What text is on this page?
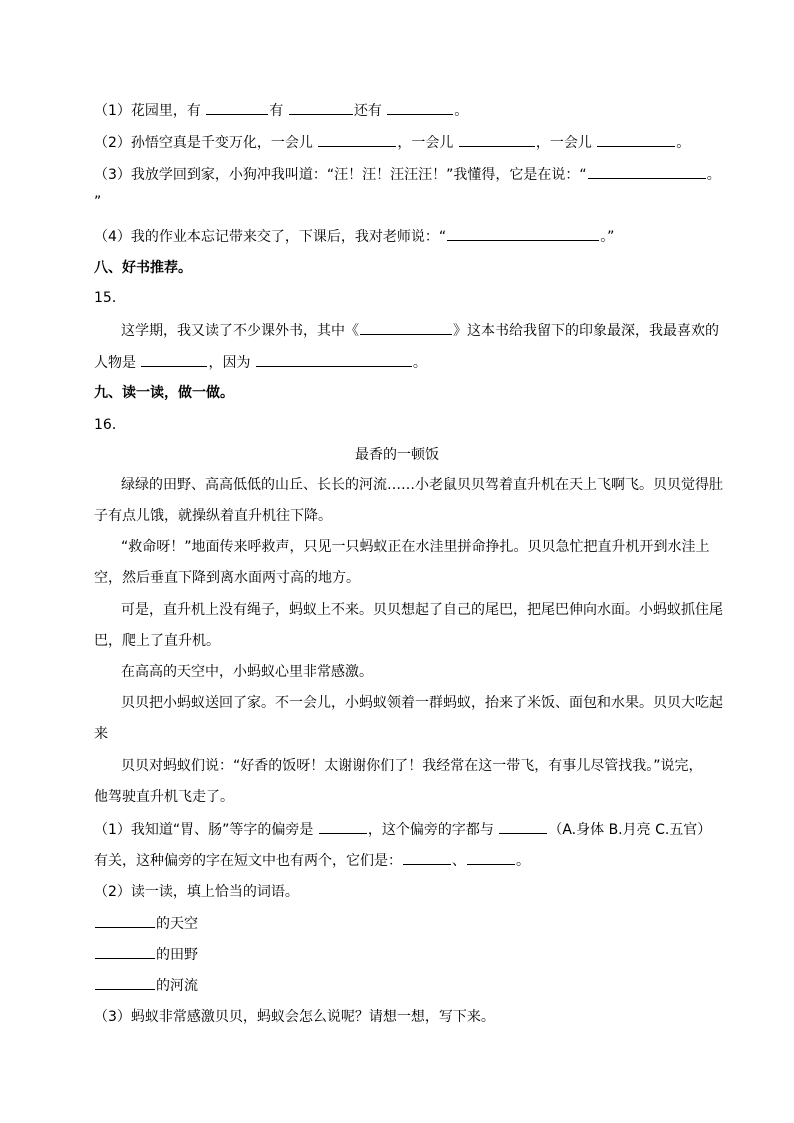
（1）花园里，有	有	还有	。
（2）孙悟空真是千变万化，一会儿	，一会儿	，一会儿	。
（3）我放学回到家，小狗冲我叫道：“汪！汪！汪汪汪！”我懂得，它是在说：“	。
”
（4）我的作业本忘记带来交了，下课后，我对老师说：“	。”
八、好书推荐。
15．
这学期，我又读了不少课外书，其中《	》这本书给我留下的印象最深，我最喜欢的
人物是	，因为	。
九、读一读，做一做。
16．
最香的一顿饭
绿绿的田野、高高低低的山丘、长长的河流……小老鼠贝贝驾着直升机在天上飞啊飞。贝贝觉得肚
子有点儿饿，就操纵着直升机往下降。
“救命呀！”地面传来呼救声，只见一只蚂蚁正在水洼里拼命挣扎。贝贝急忙把直升机开到水洼上
空，然后垂直下降到离水面两寸高的地方。
可是，直升机上没有绳子，蚂蚁上不来。贝贝想起了自己的尾巴，把尾巴伸向水面。小蚂蚁抓住尾
巴，爬上了直升机。
在高高的天空中，小蚂蚁心里非常感激。
贝贝把小蚂蚁送回了家。不一会儿，小蚂蚁领着一群蚂蚁，抬来了米饭、面包和水果。贝贝大吃起
来
贝贝对蚂蚁们说：“好香的饭呀！太谢谢你们了！我经常在这一带飞，有事儿尽管找我。”说完，
他驾驶直升机飞走了。
（1）我知道“胃、肠”等字的偏旁是	，这个偏旁的字都与	（A.身体 B.月亮 C.五官）
有关，这种偏旁的字在短文中也有两个，它们是：	、	。
（2）读一读，填上恰当的词语。
的天空
的田野
的河流
（3）蚂蚁非常感激贝贝，蚂蚁会怎么说呢？请想一想，写下来。
